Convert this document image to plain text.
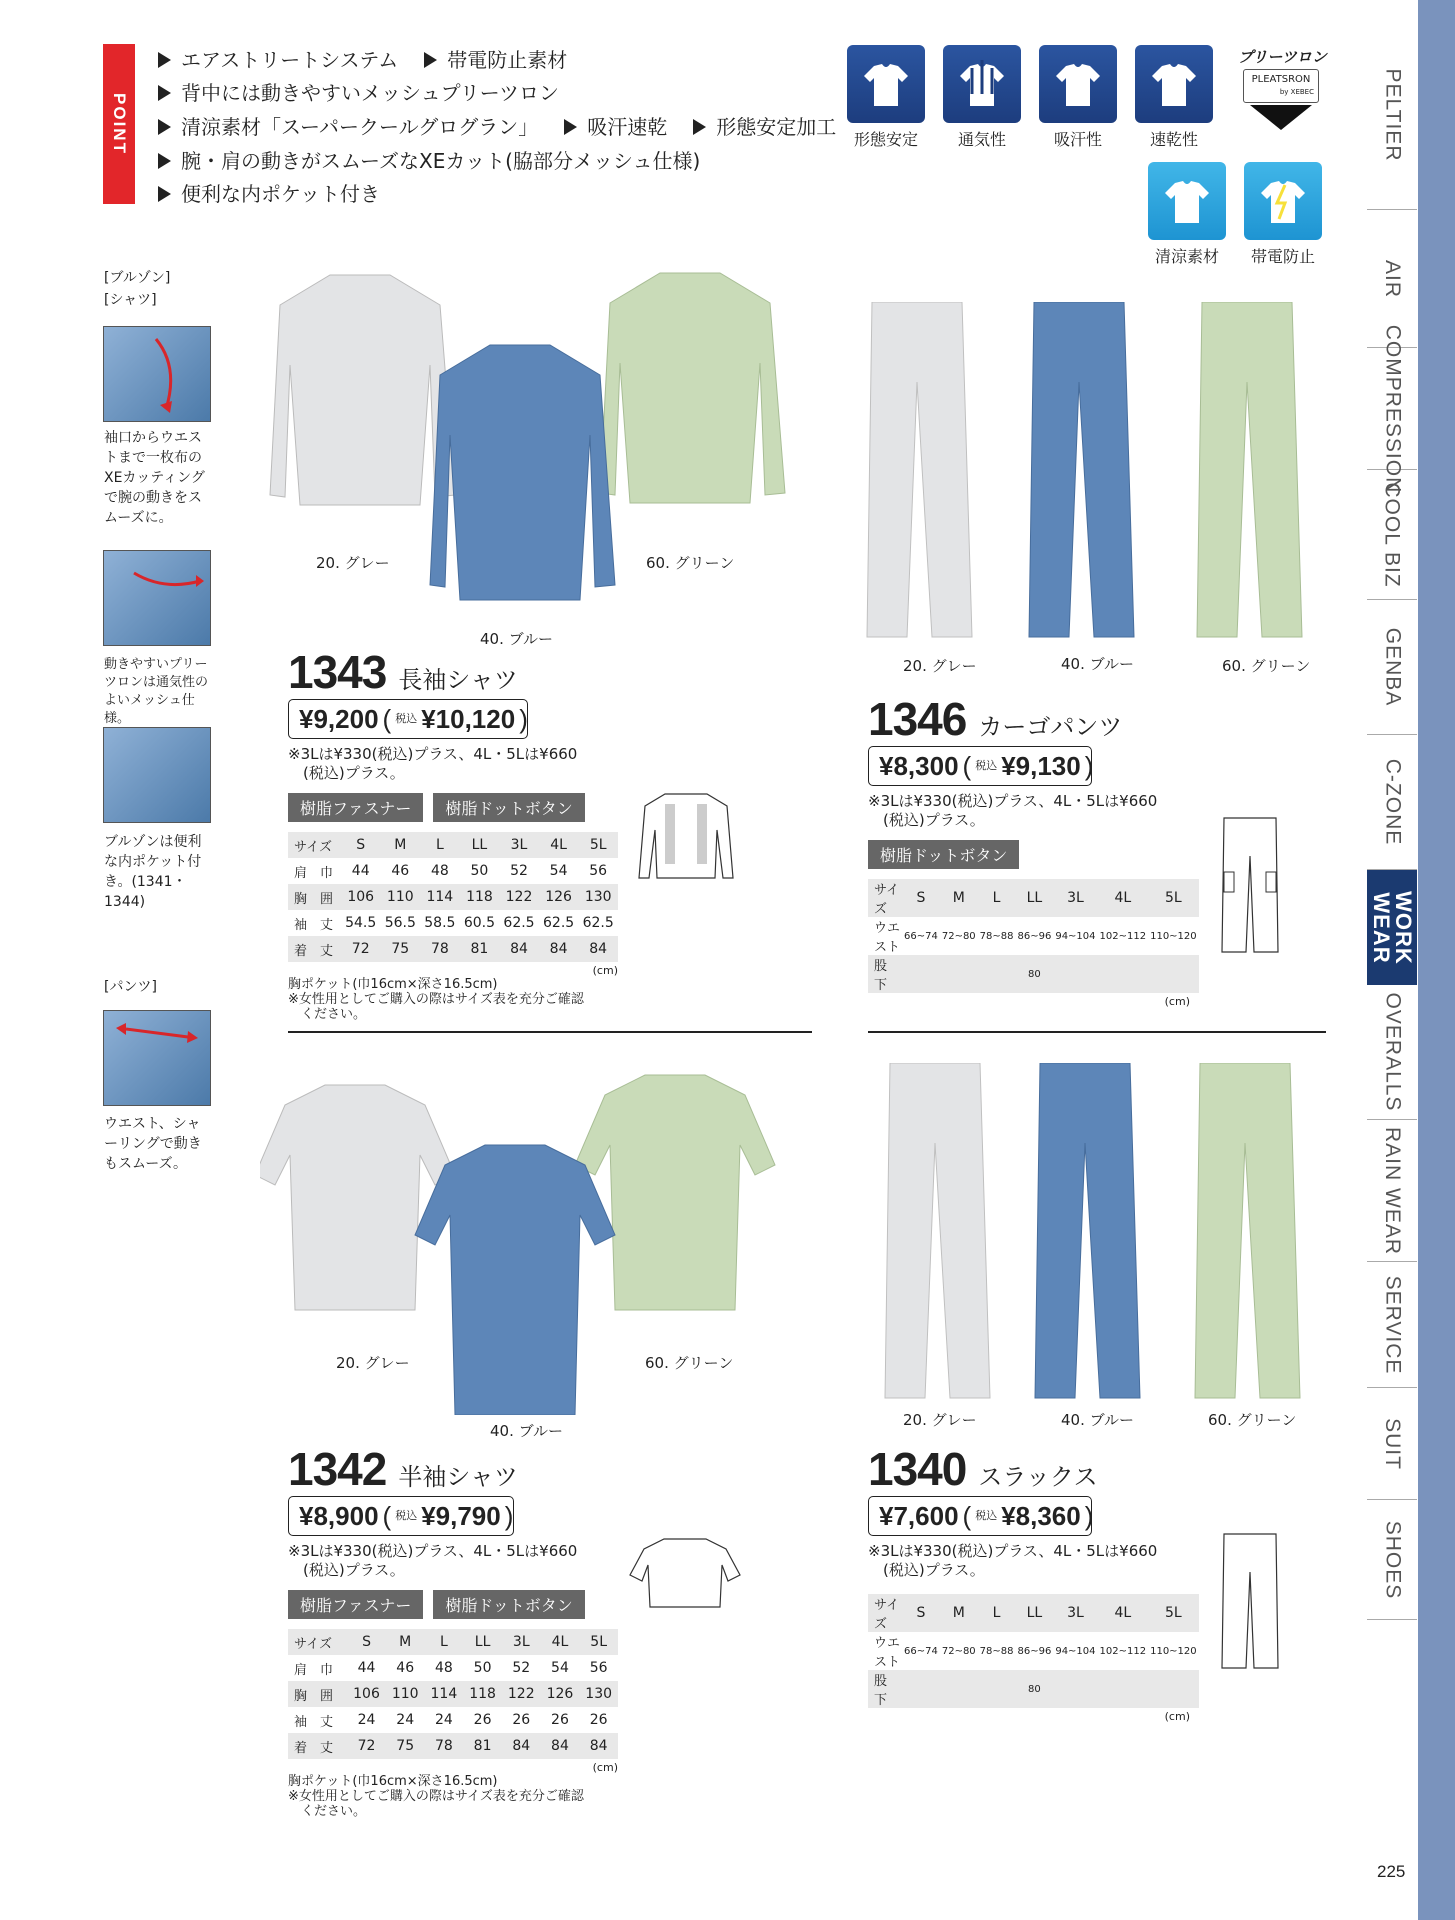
POINT
プリーツロン
PLEATSRON
by XEBEC
[ブルゾン]
[シャツ]
袖口からウエストまで一枚布のXEカッティングで腕の動きをスムーズに。
動きやすいプリーツロンは通気性のよいメッシュ仕様。
ブルゾンは便利な内ポケット付き。(1341・1344)
[パンツ]
ウエスト、シャーリングで動きもスムーズ。
20. グレー
40. ブルー
60. グリーン
20. グレー	40. ブルー	60. グリーン
20. グレー
40. ブルー
60. グリーン
20. グレー	40. ブルー	60. グリーン
1343 長袖シャツ
¥9,200 ( 税込 ¥10,120 )
※3Lは¥330(税込)プラス、4L・5Lは¥660
　(税込)プラス。
樹脂ファスナー	樹脂ドットボタン
サイズ	S	M	L	LL	3L	4L	5L
肩　巾	44	46	48	50	52	54	56
胸　囲	106	110	114	118	122	126	130
袖　丈	54.5	56.5	58.5	60.5	62.5	62.5	62.5
着　丈	72	75	78	81	84	84	84
(cm)
胸ポケット(巾16cm×深さ16.5cm)
※女性用としてご購入の際はサイズ表を充分ご確認
　ください。
1346 カーゴパンツ
¥8,300 ( 税込 ¥9,130 )
※3Lは¥330(税込)プラス、4L・5Lは¥660
　(税込)プラス。
樹脂ドットボタン
サイズ	S	M	L	LL	3L	4L	5L
ウエスト	66~74	72~80	78~88	86~96	94~104	102~112	110~120
股　下				80			
(cm)
1342 半袖シャツ
¥8,900 ( 税込 ¥9,790 )
※3Lは¥330(税込)プラス、4L・5Lは¥660
　(税込)プラス。
樹脂ファスナー	樹脂ドットボタン
サイズ	S	M	L	LL	3L	4L	5L
肩　巾	44	46	48	50	52	54	56
胸　囲	106	110	114	118	122	126	130
袖　丈	24	24	24	26	26	26	26
着　丈	72	75	78	81	84	84	84
(cm)
胸ポケット(巾16cm×深さ16.5cm)
※女性用としてご購入の際はサイズ表を充分ご確認
　ください。
1340 スラックス
¥7,600 ( 税込 ¥8,360 )
※3Lは¥330(税込)プラス、4L・5Lは¥660
　(税込)プラス。
サイズ	S	M	L	LL	3L	4L	5L
ウエスト	66~74	72~80	78~88	86~96	94~104	102~112	110~120
股　下				80			
(cm)
225
PELTIER
AIR
COMPRESSION
COOL BIZ
GENBA
C-ZONE
WORK
WEAR
OVERALLS
RAIN WEAR
SERVICE
SUIT
SHOES
エアストリートシステム 帯電防止素材
背中には動きやすいメッシュプリーツロン
清涼素材「スーパークールグログラン」 吸汗速乾 形態安定加工
腕・肩の動きがスムーズなXEカット(脇部分メッシュ仕様)
便利な内ポケット付き
形態安定	通気性	吸汗性	速乾性
清涼素材	帯電防止
